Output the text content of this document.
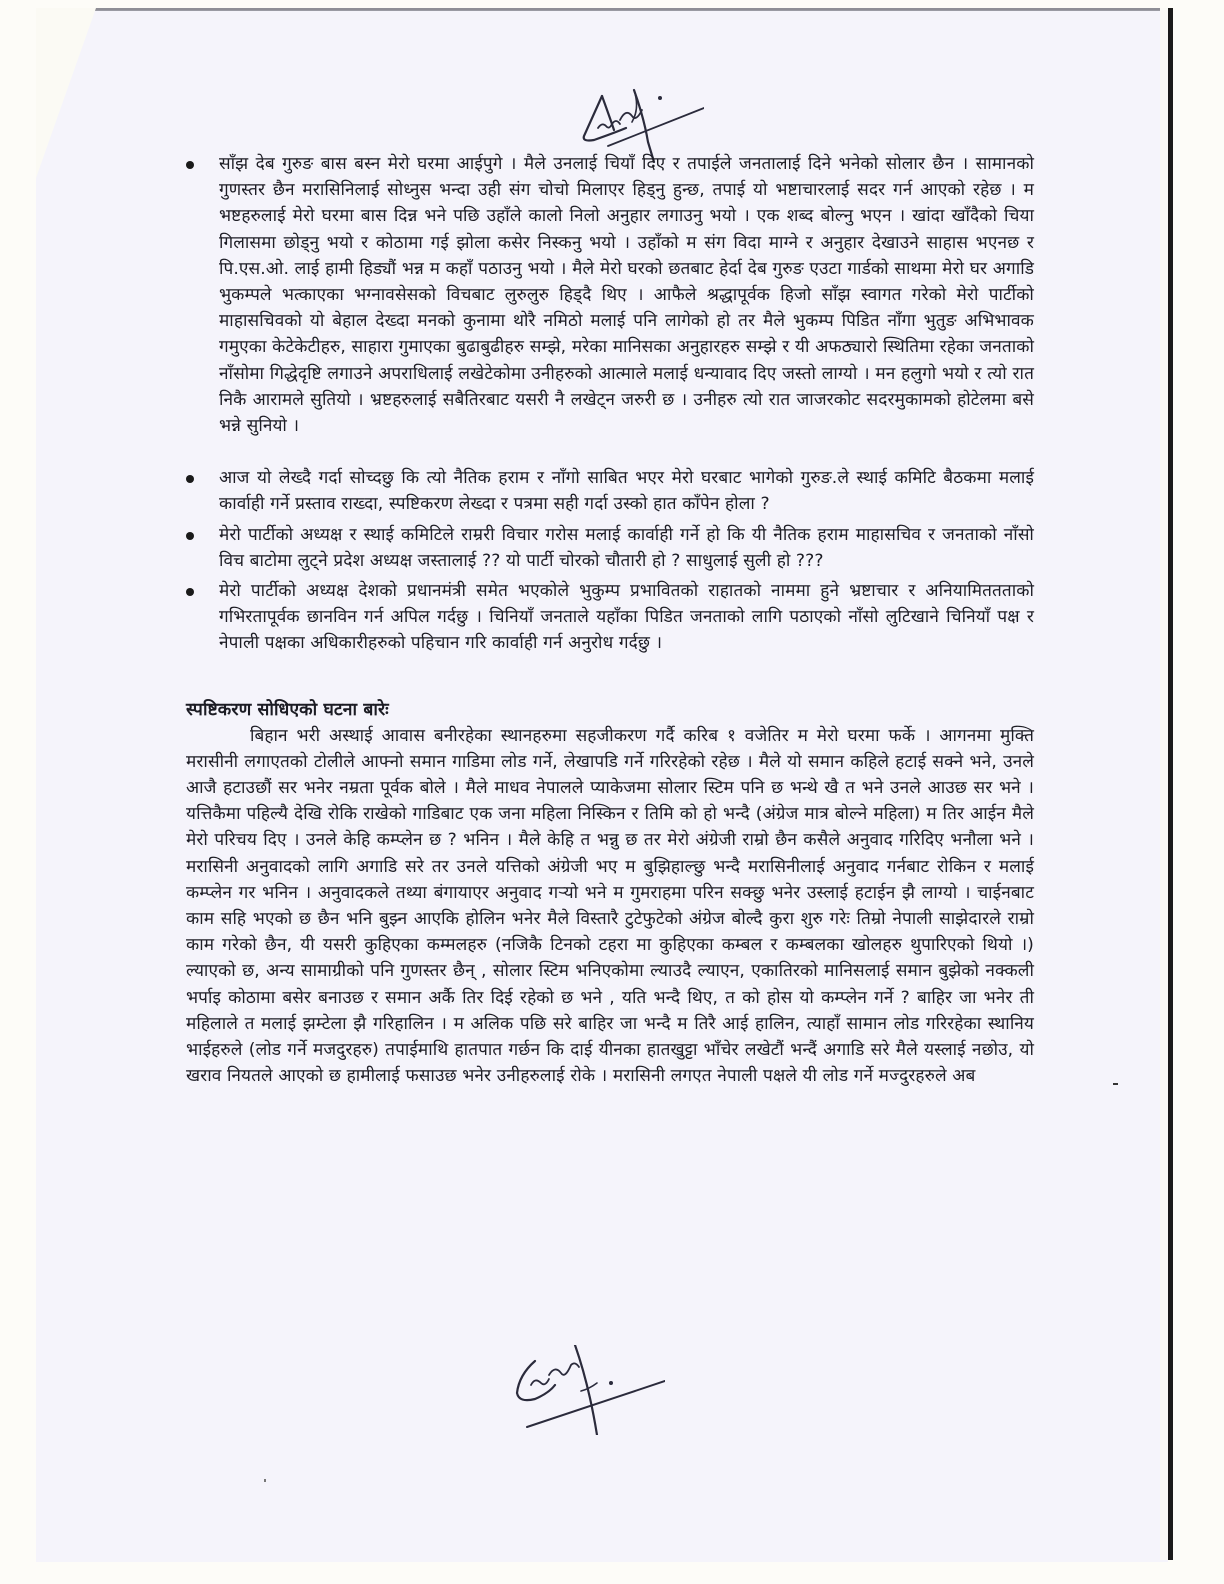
साँझ देब गुरुङ बास बस्न मेरो घरमा आईपुगे । मैले उनलाई चियाँ दिए र तपाईले जनतालाई दिने भनेको सोलार छैन । सामानको गुणस्तर छैन मरासिनिलाई सोध्नुस भन्दा उही संग चोचो मिलाएर हिड्नु हुन्छ, तपाई यो भष्टाचारलाई सदर गर्न आएको रहेछ । म भष्टहरुलाई मेरो घरमा बास दिन्न भने पछि उहाँले कालो निलो अनुहार लगाउनु भयो । एक शब्द बोल्नु भएन । खांदा खाँदैको चिया गिलासमा छोड्नु भयो र कोठामा गई झोला कसेर निस्कनु भयो । उहाँको म संग विदा माग्ने र अनुहार देखाउने साहास भएनछ र पि.एस.ओ. लाई हामी हिड्यौं भन्न म कहाँ पठाउनु भयो । मैले मेरो घरको छतबाट हेर्दा देब गुरुङ एउटा गार्डको साथमा मेरो घर अगाडि भुकम्पले भत्काएका भग्नावसेसको विचबाट लुरुलुरु हिड्दै थिए । आफैले श्रद्धापूर्वक हिजो साँझ स्वागत गरेको मेरो पार्टीको माहासचिवको यो बेहाल देख्दा मनको कुनामा थोरै नमिठो मलाई पनि लागेको हो तर मैले भुकम्प पिडित नाँगा भुतुङ अभिभावक गमुएका केटेकेटीहरु, साहारा गुमाएका बुढाबुढीहरु सम्झे, मरेका मानिसका अनुहारहरु सम्झे र यी अफठ्यारो स्थितिमा रहेका जनताको नाँसोमा गिद्धेदृष्टि लगाउने अपराधिलाई लखेटेकोमा उनीहरुको आत्माले मलाई धन्यावाद दिए जस्तो लाग्यो । मन हलुगो भयो र त्यो रात निकै आरामले सुतियो । भ्रष्टहरुलाई सबैतिरबाट यसरी नै लखेट्न जरुरी छ । उनीहरु त्यो रात जाजरकोट सदरमुकामको होटेलमा बसे भन्ने सुनियो ।
आज यो लेख्दै गर्दा सोच्दछु कि त्यो नैतिक हराम र नाँगो साबित भएर मेरो घरबाट भागेको गुरुङ.ले स्थाई कमिटि बैठकमा मलाई कार्वाही गर्ने प्रस्ताव राख्दा, स्पष्टिकरण लेख्दा र पत्रमा सही गर्दा उस्को हात काँपेन होला ?
मेरो पार्टीको अध्यक्ष र स्थाई कमिटिले राम्ररी विचार गरोस मलाई कार्वाही गर्ने हो कि यी नैतिक हराम माहासचिव र जनताको नाँसो विच बाटोमा लुट्ने प्रदेश अध्यक्ष जस्तालाई ?? यो पार्टी चोरको चौतारी हो ? साधुलाई सुली हो ???
मेरो पार्टीको अध्यक्ष देशको प्रधानमंत्री समेत भएकोले भुकुम्प प्रभावितको राहातको नाममा हुने भ्रष्टाचार र अनियामिततताको गभिरतापूर्वक छानविन गर्न अपिल गर्दछु । चिनियाँ जनताले यहाँका पिडित जनताको लागि पठाएको नाँसो लुटिखाने चिनियाँ पक्ष र नेपाली पक्षका अधिकारीहरुको पहिचान गरि कार्वाही गर्न अनुरोध गर्दछु ।
स्पष्टिकरण सोधिएको घटना बारेः

बिहान भरी अस्थाई आवास बनीरहेका स्थानहरुमा सहजीकरण गर्दै करिब १ वजेतिर म मेरो घरमा फर्के । आगनमा मुक्ति मरासीनी लगाएतको टोलीले आफ्नो समान गाडिमा लोड गर्ने, लेखापडि गर्ने गरिरहेको रहेछ । मैले यो समान कहिले हटाई सक्ने भने, उनले आजै हटाउछौं सर भनेर नम्रता पूर्वक बोले । मैले माधव नेपालले प्याकेजमा सोलार स्टिम पनि छ भन्थे खै त भने उनले आउछ सर भने । यत्तिकैमा पहिल्यै देखि रोकि राखेको गाडिबाट एक जना महिला निस्किन र तिमि को हो भन्दै (अंग्रेज मात्र बोल्ने महिला) म तिर आईन मैले मेरो परिचय दिए । उनले केहि कम्प्लेन छ ? भनिन । मैले केहि त भन्नु छ तर मेरो अंग्रेजी राम्रो छैन कसैले अनुवाद गरिदिए भनौला भने । मरासिनी अनुवादको लागि अगाडि सरे तर उनले यत्तिको अंग्रेजी भए म बुझिहाल्छु भन्दै मरासिनीलाई अनुवाद गर्नबाट रोकिन र मलाई कम्प्लेन गर भनिन । अनुवादकले तथ्या बंगायाएर अनुवाद गर्‍यो भने म गुमराहमा परिन सक्छु भनेर उस्लाई हटाईन झै लाग्यो । चाईनबाट काम सहि भएको छ छैन भनि बुझ्न आएकि होलिन भनेर मैले विस्तारै टुटेफुटेको अंग्रेज बोल्दै कुरा शुरु गरेः तिम्रो नेपाली साझेदारले राम्रो काम गरेको छैन, यी यसरी कुहिएका कम्मलहरु (नजिकै टिनको टहरा मा कुहिएका कम्बल र कम्बलका खोलहरु थुपारिएको थियो ।) ल्याएको छ, अन्य सामाग्रीको पनि गुणस्तर छैन् , सोलार स्टिम भनिएकोमा ल्याउदै ल्याएन, एकातिरको मानिसलाई समान बुझेको नक्कली भर्पाइ कोठामा बसेर बनाउछ र समान अर्कै तिर दिई रहेको छ भने , यति भन्दै थिए, त को होस यो कम्प्लेन गर्ने ? बाहिर जा भनेर ती महिलाले त मलाई झम्टेला झै गरिहालिन । म अलिक पछि सरे बाहिर जा भन्दै म तिरै आई हालिन, त्याहाँ सामान लोड गरिरहेका स्थानिय भाईहरुले (लोड गर्ने मजदुरहरु) तपाईमाथि हातपात गर्छन कि दाई यीनका हातखुट्टा भाँचेर लखेटौं भन्दैं अगाडि सरे मैले यस्लाई नछोउ, यो खराव नियतले आएको छ हामीलाई फसाउछ भनेर उनीहरुलाई रोके । मरासिनी लगएत नेपाली पक्षले यी लोड गर्ने मज्दुरहरुले अब
